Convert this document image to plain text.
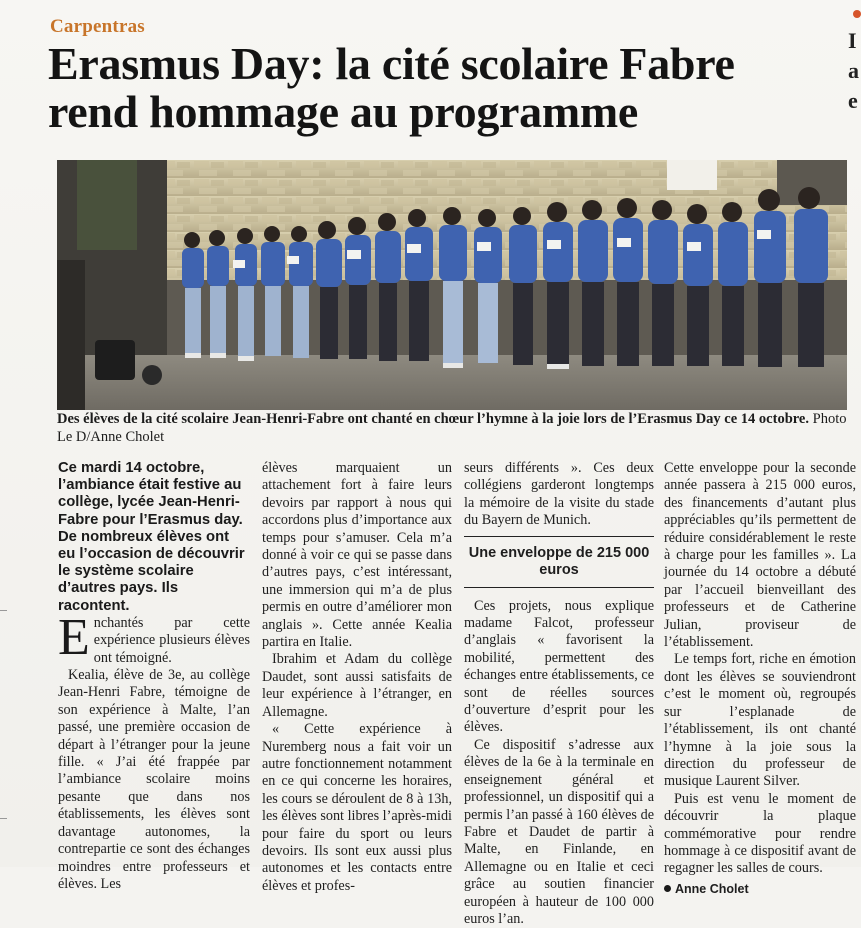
I a e
Carpentras
Erasmus Day: la cité scolaire Fabre rend hommage au programme

Des élèves de la cité scolaire Jean-Henri-Fabre ont chanté en chœur l’hymne à la joie lors de l’Erasmus Day ce 14 octobre. Photo Le D/Anne Cholet

Ce mardi 14 octobre, l’ambiance était festive au collège, lycée Jean-Henri-Fabre pour l’Erasmus day. De nombreux élèves ont eu l’occasion de découvrir le système scolaire d’autres pays. Ils racontent.

Enchantés par cette expérience plusieurs élèves ont témoigné.

Kealia, élève de 3e, au collège Jean-Henri Fabre, témoigne de son expérience à Malte, l’an passé, une première occasion de départ à l’étranger pour la jeune fille. « J’ai été frappée par l’ambiance scolaire moins pesante que dans nos établissements, les élèves sont davantage autonomes, la contrepartie ce sont des échanges moindres entre professeurs et élèves. Les

élèves marquaient un attachement fort à faire leurs devoirs par rapport à nous qui accordons plus d’importance aux temps pour s’amuser. Cela m’a donné à voir ce qui se passe dans d’autres pays, c’est intéressant, une immersion qui m’a de plus permis en outre d’améliorer mon anglais ». Cette année Kealia partira en Italie.

Ibrahim et Adam du collège Daudet, sont aussi satisfaits de leur expérience à l’étranger, en Allemagne.

« Cette expérience à Nuremberg nous a fait voir un autre fonctionnement notamment en ce qui concerne les horaires, les cours se déroulent de 8 à 13h, les élèves sont libres l’après-midi pour faire du sport ou leurs devoirs. Ils sont eux aussi plus autonomes et les contacts entre élèves et profes-

seurs différents ». Ces deux collégiens garderont longtemps la mémoire de la visite du stade du Bayern de Munich.

Une enveloppe de 215 000 euros

Ces projets, nous explique madame Falcot, professeur d’anglais « favorisent la mobilité, permettent des échanges entre établissements, ce sont de réelles sources d’ouverture d’esprit pour les élèves.

Ce dispositif s’adresse aux élèves de la 6e à la terminale en enseignement général et professionnel, un dispositif qui a permis l’an passé à 160 élèves de Fabre et Daudet de partir à Malte, en Finlande, en Allemagne ou en Italie et ceci grâce au soutien financier européen à hauteur de 100 000 euros l’an.

Cette enveloppe pour la seconde année passera à 215 000 euros, des financements d’autant plus appréciables qu’ils permettent de réduire considérablement le reste à charge pour les familles ». La journée du 14 octobre a débuté par l’accueil bienveillant des professeurs et de Catherine Julian, proviseur de l’établissement.

Le temps fort, riche en émotion dont les élèves se souviendront c’est le moment où, regroupés sur l’esplanade de l’établissement, ils ont chanté l’hymne à la joie sous la direction du professeur de musique Laurent Silver.

Puis est venu le moment de découvrir la plaque commémorative pour rendre hommage à ce dispositif avant de regagner les salles de cours.

Anne Cholet
